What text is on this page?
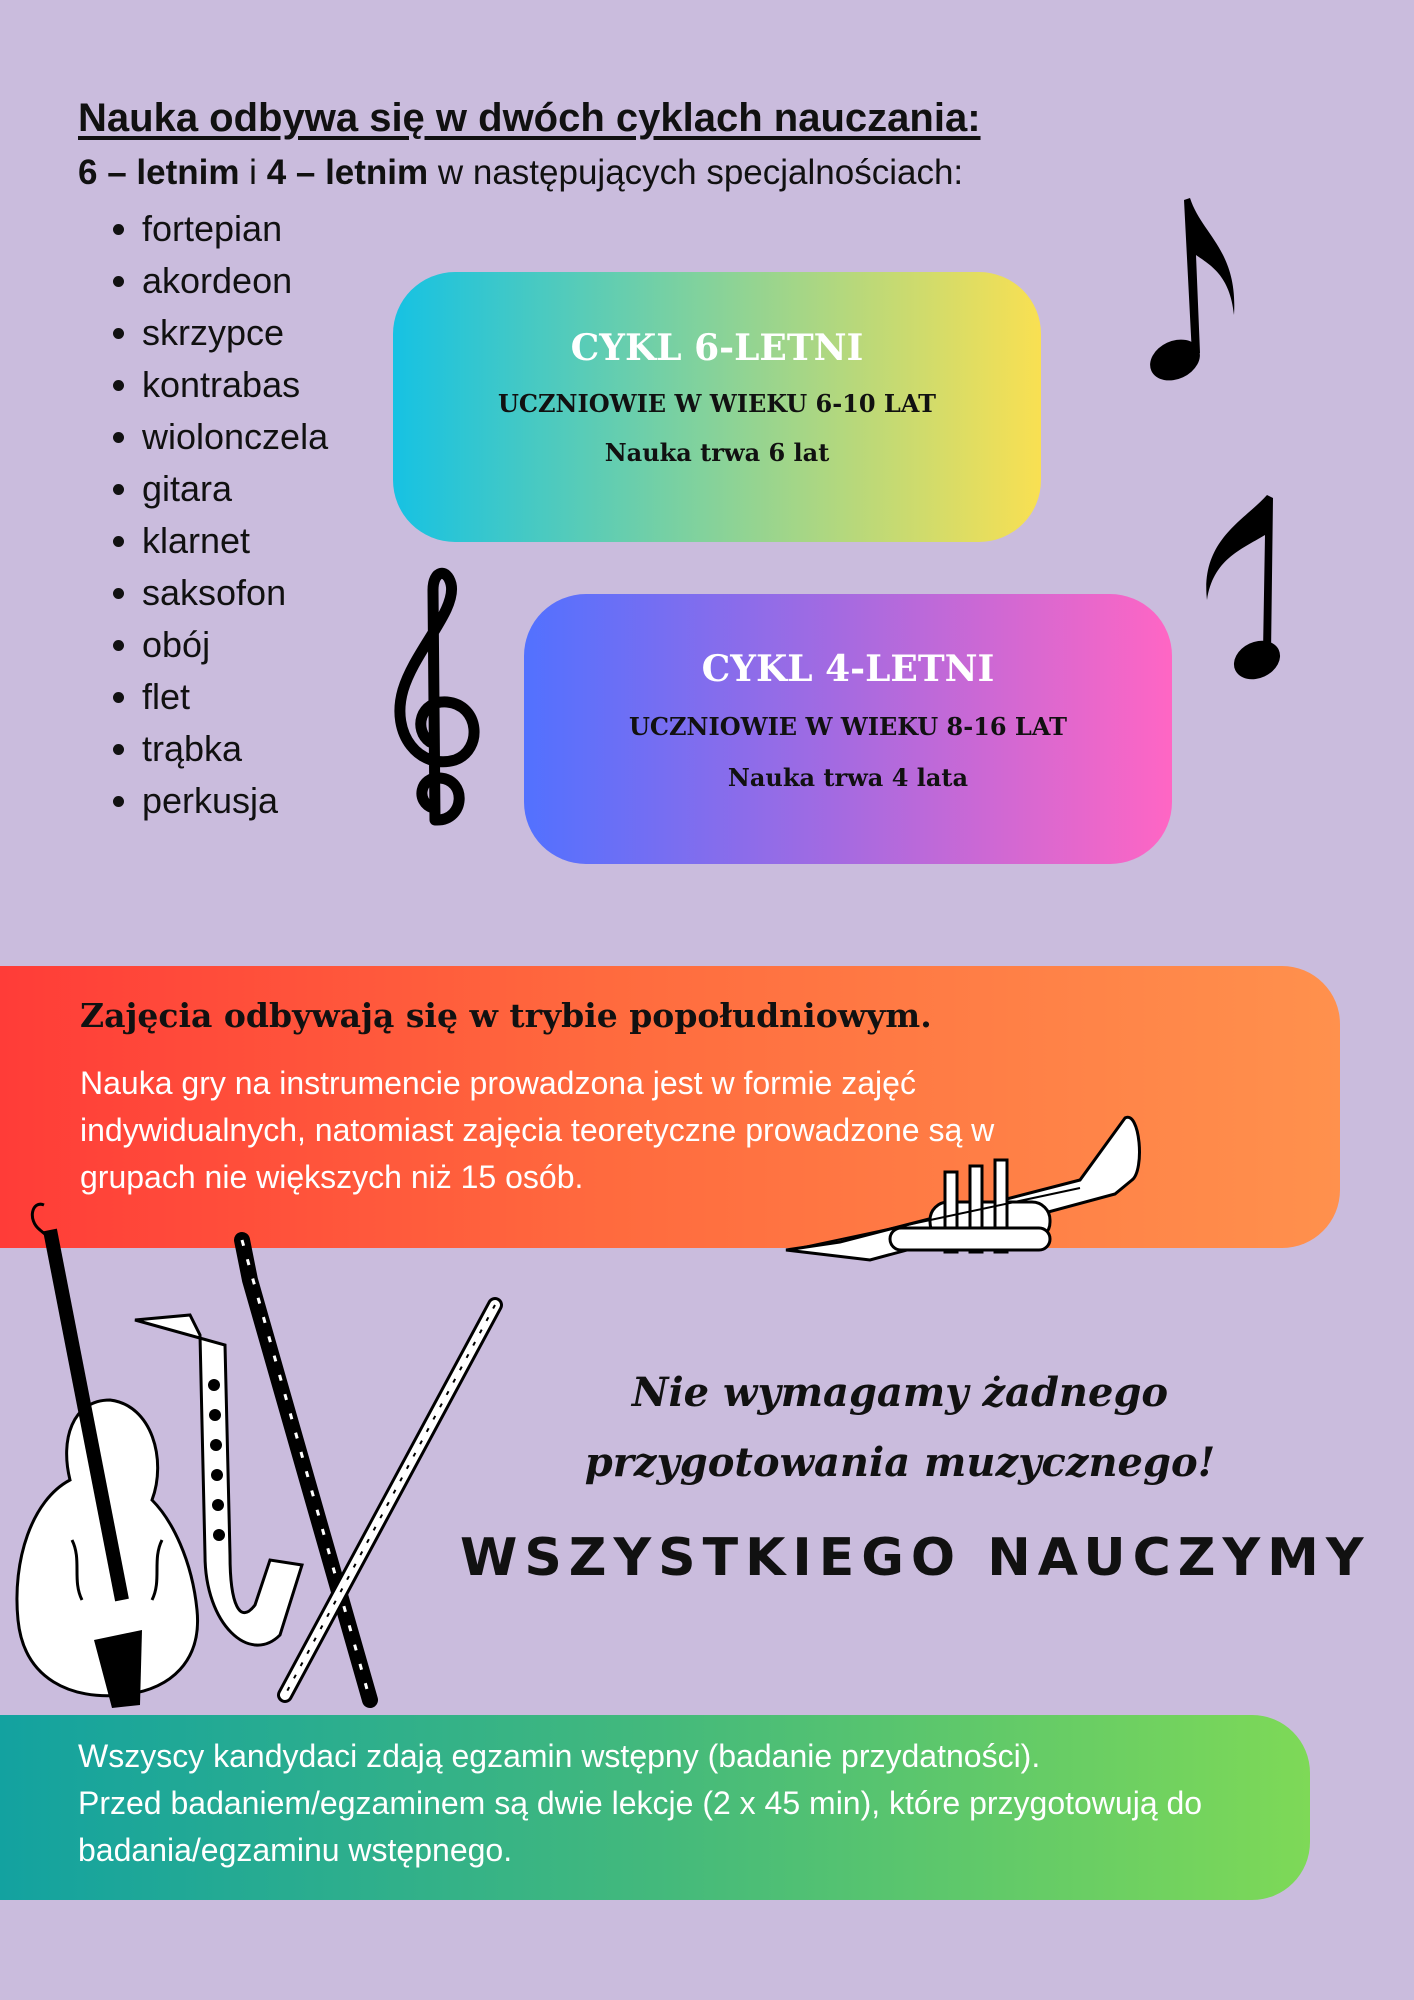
Nauka odbywa się w dwóch cyklach nauczania:
6 – letnim i 4 – letnim w następujących specjalnościach:
• fortepian
• akordeon
• skrzypce
• kontrabas
• wiolonczela
• gitara
• klarnet
• saksofon
• obój
• flet
• trąbka
• perkusja
CYKL 6-LETNI
UCZNIOWIE W WIEKU 6-10 LAT
Nauka trwa 6 lat
CYKL 4-LETNI
UCZNIOWIE W WIEKU 8-16 LAT
Nauka trwa 4 lata
Zajęcia odbywają się w trybie popołudniowym.
Nauka gry na instrumencie prowadzona jest w formie zajęć indywidualnych, natomiast zajęcia teoretyczne prowadzone są w grupach nie większych niż 15 osób.
Nie wymagamy żadnego
przygotowania muzycznego!
WSZYSTKIEGO NAUCZYMY
Wszyscy kandydaci zdają egzamin wstępny (badanie przydatności).
Przed badaniem/egzaminem są dwie lekcje (2 x 45 min), które przygotowują do badania/egzaminu wstępnego.
